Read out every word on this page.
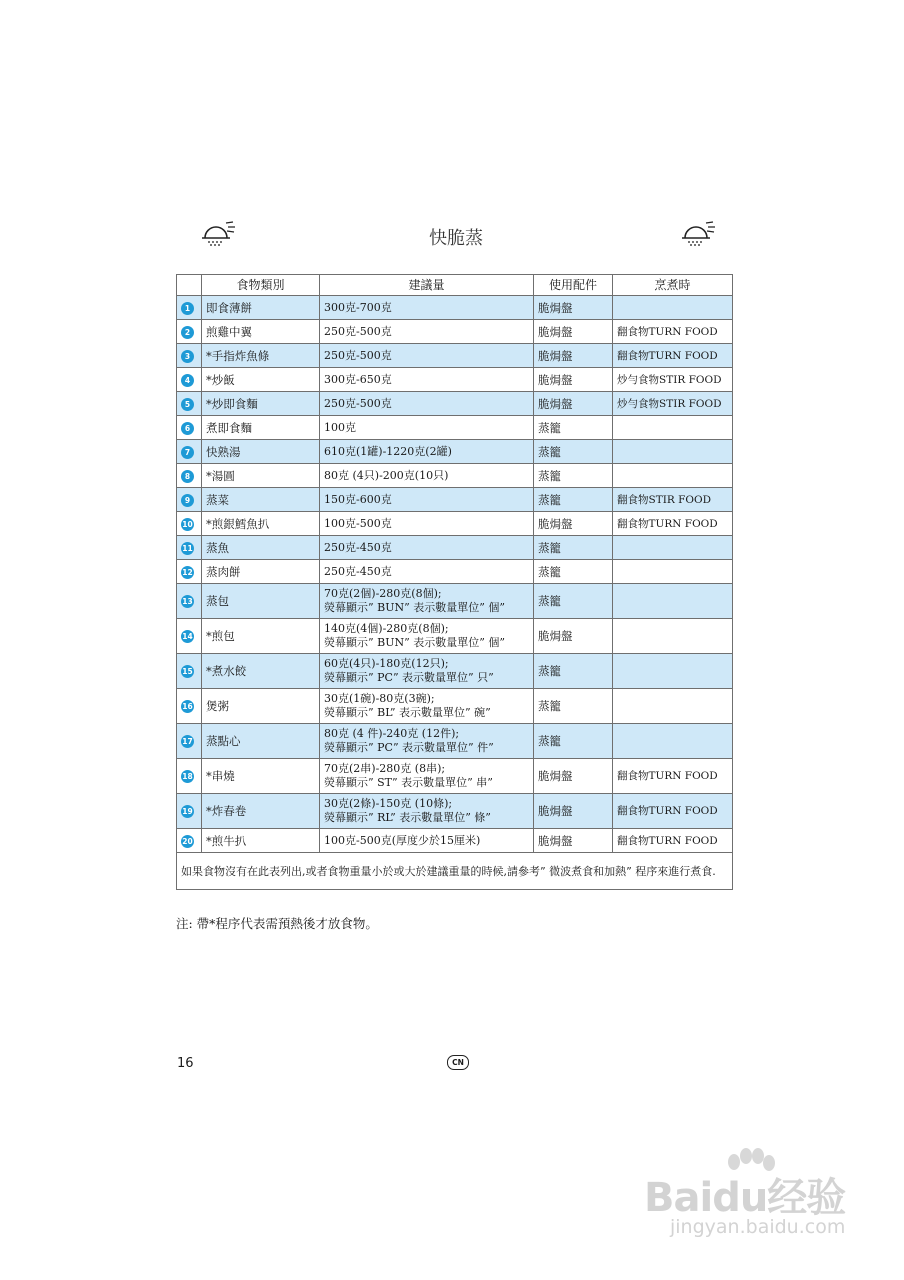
快脆蒸
	食物類別	建議量	使用配件	烹煮時
1	即食薄餅	300克-700克	脆焗盤	
2	煎雞中翼	250克-500克	脆焗盤	翻食物TURN FOOD
3	*手指炸魚條	250克-500克	脆焗盤	翻食物TURN FOOD
4	*炒飯	300克-650克	脆焗盤	炒勻食物STIR FOOD
5	*炒即食麵	250克-500克	脆焗盤	炒勻食物STIR FOOD
6	煮即食麵	100克	蒸籠	
7	快熟湯	610克(1罐)-1220克(2罐)	蒸籠	
8	*湯圓	80克 (4只)-200克(10只)	蒸籠	
9	蒸菜	150克-600克	蒸籠	翻食物STIR FOOD
10	*煎銀鱈魚扒	100克-500克	脆焗盤	翻食物TURN FOOD
11	蒸魚	250克-450克	蒸籠	
12	蒸肉餅	250克-450克	蒸籠	
13	蒸包	70克(2個)-280克(8個);
熒幕顯示” BUN” 表示數量單位” 個”	蒸籠	
14	*煎包	140克(4個)-280克(8個);
熒幕顯示” BUN” 表示數量單位” 個”	脆焗盤	
15	*煮水餃	60克(4只)-180克(12只);
熒幕顯示” PC” 表示數量單位” 只”	蒸籠	
16	煲粥	30克(1碗)-80克(3碗);
熒幕顯示” BL” 表示數量單位” 碗”	蒸籠	
17	蒸點心	80克 (4 件)-240克 (12件);
熒幕顯示” PC” 表示數量單位” 件”	蒸籠	
18	*串燒	70克(2串)-280克 (8串);
熒幕顯示” ST” 表示數量單位” 串”	脆焗盤	翻食物TURN FOOD
19	*炸春卷	30克(2條)-150克 (10條);
熒幕顯示” RL” 表示數量單位” 條”	脆焗盤	翻食物TURN FOOD
20	*煎牛扒	100克-500克(厚度少於15厘米)	脆焗盤	翻食物TURN FOOD
如果食物沒有在此表列出,或者食物重量小於或大於建議重量的時候,請參考” 微波煮食和加熱” 程序來進行煮食.				
注: 帶*程序代表需預熱後才放食物。
16	CN
Baidu经验
jingyan.baidu.com
